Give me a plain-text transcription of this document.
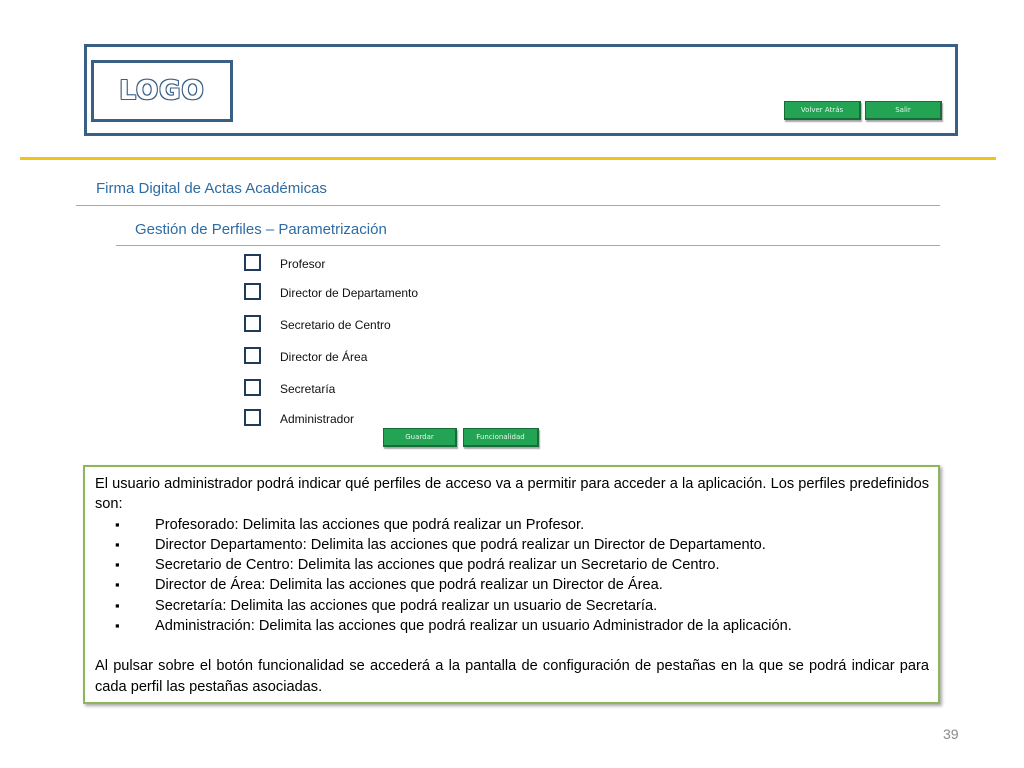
LOGO
Volver Atrás	Salir
Firma Digital de Actas Académicas
Gestión de Perfiles – Parametrización
Profesor
Director de Departamento
Secretario de Centro
Director de Área
Secretaría
Administrador
Guardar	Funcionalidad

El usuario administrador podrá indicar qué perfiles de acceso va a permitir para acceder a la aplicación. Los perfiles predefinidos son:

▪ Profesorado: Delimita las acciones que podrá realizar un Profesor.
▪ Director Departamento: Delimita las acciones que podrá realizar un Director de Departamento.
▪ Secretario de Centro: Delimita las acciones que podrá realizar un Secretario de Centro.
▪ Director de Área: Delimita las acciones que podrá realizar un Director de Área.
▪ Secretaría: Delimita las acciones que podrá realizar un usuario de Secretaría.
▪ Administración: Delimita las acciones que podrá realizar un usuario Administrador de la aplicación.

Al pulsar sobre el botón funcionalidad se accederá a la pantalla de configuración de pestañas en la que se podrá indicar para cada perfil las pestañas asociadas.

39
